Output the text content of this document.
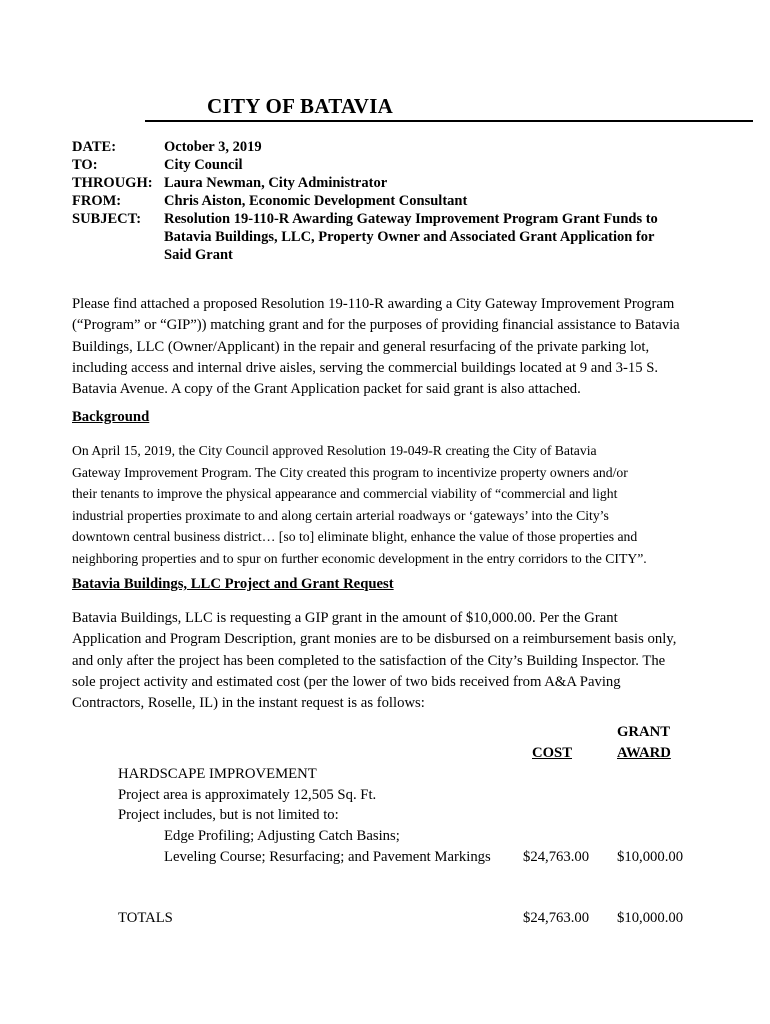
CITY OF BATAVIA
DATE:	October 3, 2019
TO:	City Council
THROUGH: Laura Newman, City Administrator
FROM:	Chris Aiston, Economic Development Consultant
SUBJECT: Resolution 19-110-R Awarding Gateway Improvement Program Grant Funds to
Batavia Buildings, LLC, Property Owner and Associated Grant Application for
Said Grant
Please find attached a proposed Resolution 19-110-R awarding a City Gateway Improvement Program
(“Program” or “GIP”)) matching grant and for the purposes of providing financial assistance to Batavia
Buildings, LLC (Owner/Applicant) in the repair and general resurfacing of the private parking lot,
including access and internal drive aisles, serving the commercial buildings located at 9 and 3-15 S.
Batavia Avenue. A copy of the Grant Application packet for said grant is also attached.
Background
On April 15, 2019, the City Council approved Resolution 19-049-R creating the City of Batavia
Gateway Improvement Program. The City created this program to incentivize property owners and/or
their tenants to improve the physical appearance and commercial viability of “commercial and light
industrial properties proximate to and along certain arterial roadways or ‘gateways’ into the City’s
downtown central business district… [so to] eliminate blight, enhance the value of those properties and
neighboring properties and to spur on further economic development in the entry corridors to the CITY”.
Batavia Buildings, LLC Project and Grant Request
Batavia Buildings, LLC is requesting a GIP grant in the amount of $10,000.00. Per the Grant
Application and Program Description, grant monies are to be disbursed on a reimbursement basis only,
and only after the project has been completed to the satisfaction of the City’s Building Inspector. The
sole project activity and estimated cost (per the lower of two bids received from A&A Paving
Contractors, Roselle, IL) in the instant request is as follows:
GRANT
COST	AWARD
HARDSCAPE IMPROVEMENT
Project area is approximately 12,505 Sq. Ft.
Project includes, but is not limited to:
Edge Profiling; Adjusting Catch Basins;
Leveling Course; Resurfacing; and Pavement Markings $24,763.00 $10,000.00
TOTALS	$24,763.00 $10,000.00
